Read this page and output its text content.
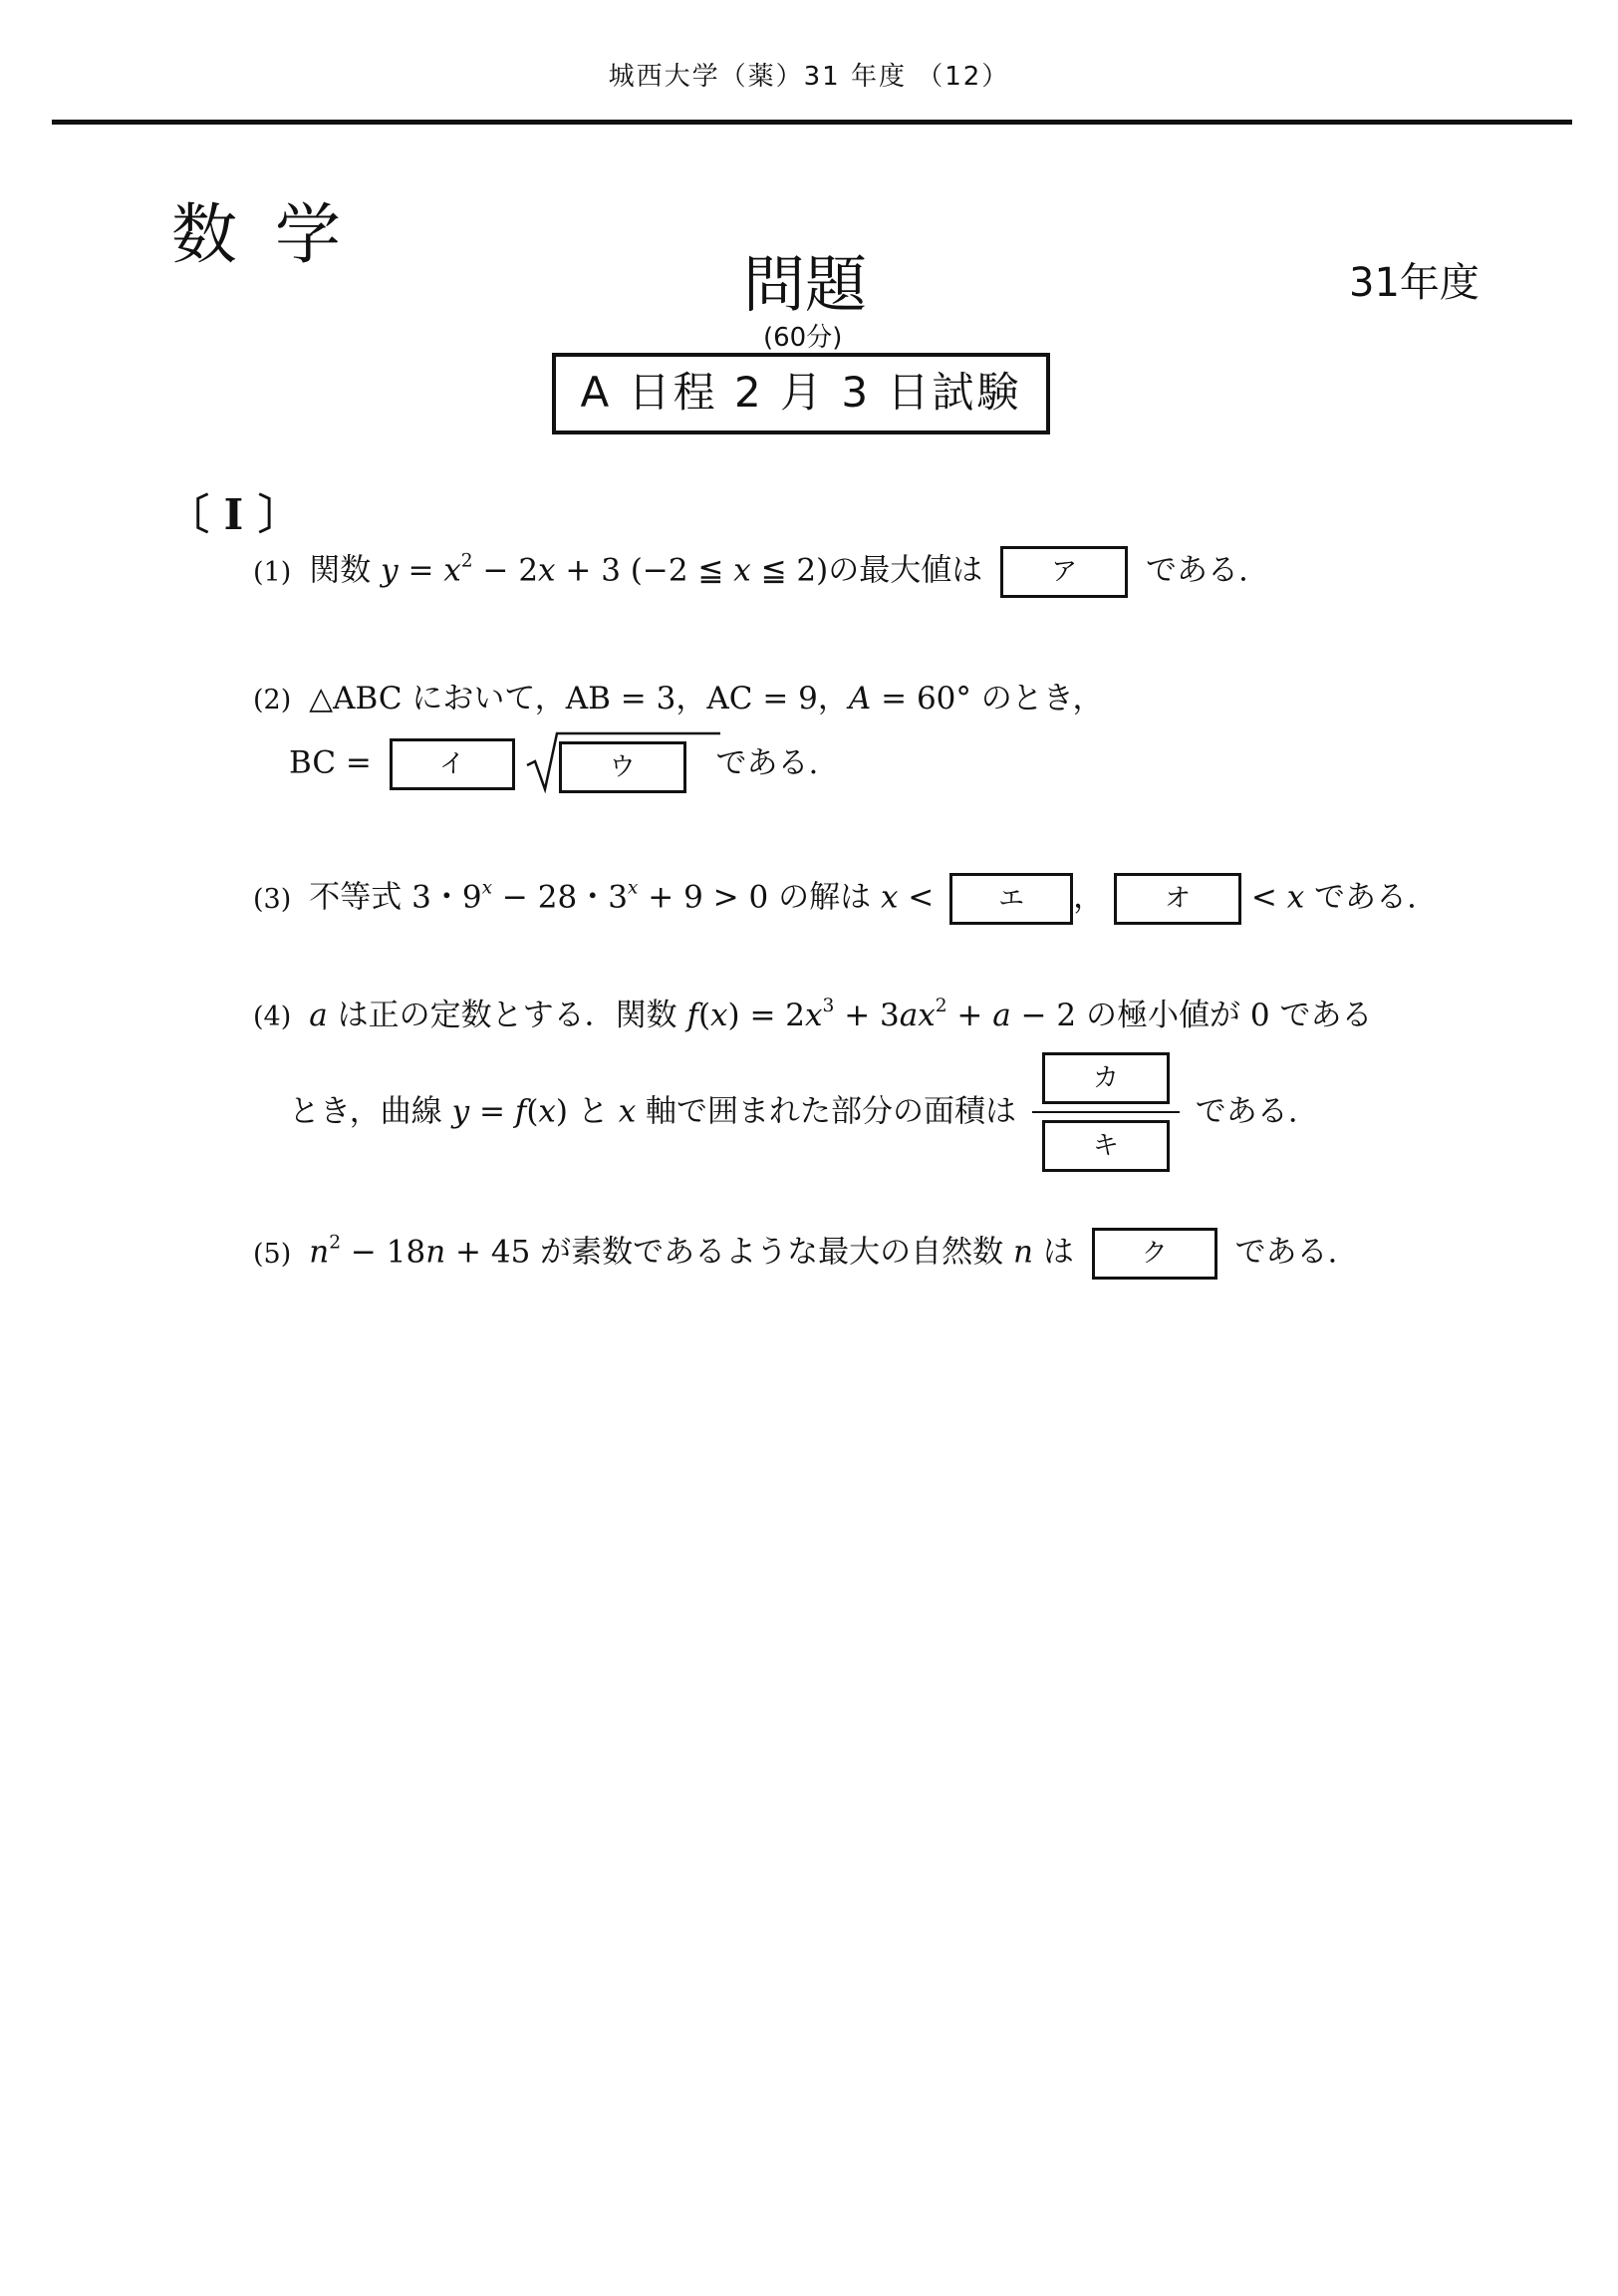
城西大学（薬）31 年度 （12）
数学
問題	31年度
(60分)
A 日程 2 月 3 日試験
〔 I 〕
(1) 関数 $y = x^2 - 2x + 3$ (−2 ≦ x ≦ 2)の最大値は	ア である.
(2) △ABC において，AB = 3，AC = 9，A = 60° のとき，
BC =	イ	ウ	である.
(3) 不等式 3・$9^x - 28$・$3^x + 9 > 0$ の解は x < エ ， オ < x である.
(4) a は正の定数とする．関数 $f(x) = 2x^3 + 3ax^2 + a - 2$ の極小値が 0 である
とき，曲線 y = f(x) と x 軸で囲まれた部分の面積は $\frac{\text{カ}}{\text{キ}}$ である.
(5) $n^2 - 18n + 45$ が素数であるような最大の自然数 n は	ク である.
